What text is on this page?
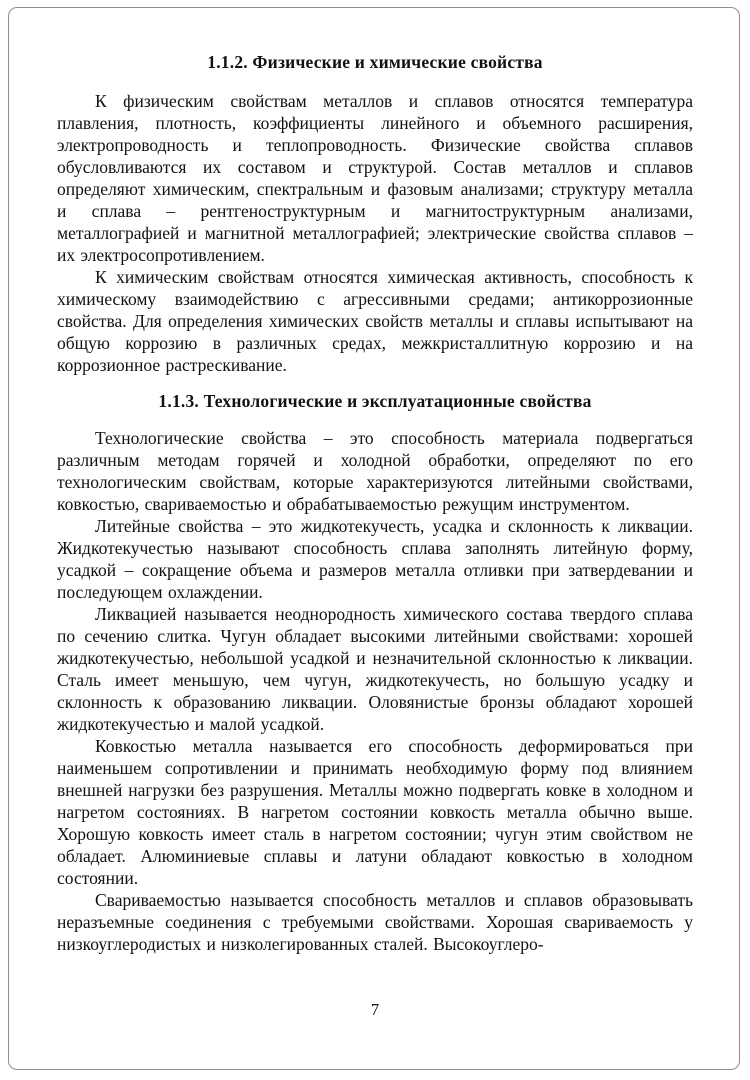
1.1.2. Физические и химические свойства

К физическим свойствам металлов и сплавов относятся температура плавления, плотность, коэффициенты линейного и объемного расширения, электропроводность и теплопроводность. Физические свойства сплавов обусловливаются их составом и структурой. Состав металлов и сплавов определяют химическим, спектральным и фазовым анализами; структуру металла и сплава – рентгеноструктурным и магнитоструктурным анализами, металлографией и магнитной металлографией; электрические свойства сплавов – их электросопротивлением.

К химическим свойствам относятся химическая активность, способность к химическому взаимодействию с агрессивными средами; антикоррозионные свойства. Для определения химических свойств металлы и сплавы испытывают на общую коррозию в различных средах, межкристаллитную коррозию и на коррозионное растрескивание.

1.1.3. Технологические и эксплуатационные свойства

Технологические свойства – это способность материала подвергаться различным методам горячей и холодной обработки, определяют по его технологическим свойствам, которые характеризуются литейными свойствами, ковкостью, свариваемостью и обрабатываемостью режущим инструментом.

Литейные свойства – это жидкотекучесть, усадка и склонность к ликвации. Жидкотекучестью называют способность сплава заполнять литейную форму, усадкой – сокращение объема и размеров металла отливки при затвердевании и последующем охлаждении.

Ликвацией называется неоднородность химического состава твердого сплава по сечению слитка. Чугун обладает высокими литейными свойствами: хорошей жидкотекучестью, небольшой усадкой и незначительной склонностью к ликвации. Сталь имеет меньшую, чем чугун, жидкотекучесть, но большую усадку и склонность к образованию ликвации. Оловянистые бронзы обладают хорошей жидкотекучестью и малой усадкой.

Ковкостью металла называется его способность деформироваться при наименьшем сопротивлении и принимать необходимую форму под влиянием внешней нагрузки без разрушения. Металлы можно подвергать ковке в холодном и нагретом состояниях. В нагретом состоянии ковкость металла обычно выше. Хорошую ковкость имеет сталь в нагретом состоянии; чугун этим свойством не обладает. Алюминиевые сплавы и латуни обладают ковкостью в холодном состоянии.

Свариваемостью называется способность металлов и сплавов образовывать неразъемные соединения с требуемыми свойствами. Хорошая свариваемость у низкоуглеродистых и низколегированных сталей. Высокоуглеро-

7
